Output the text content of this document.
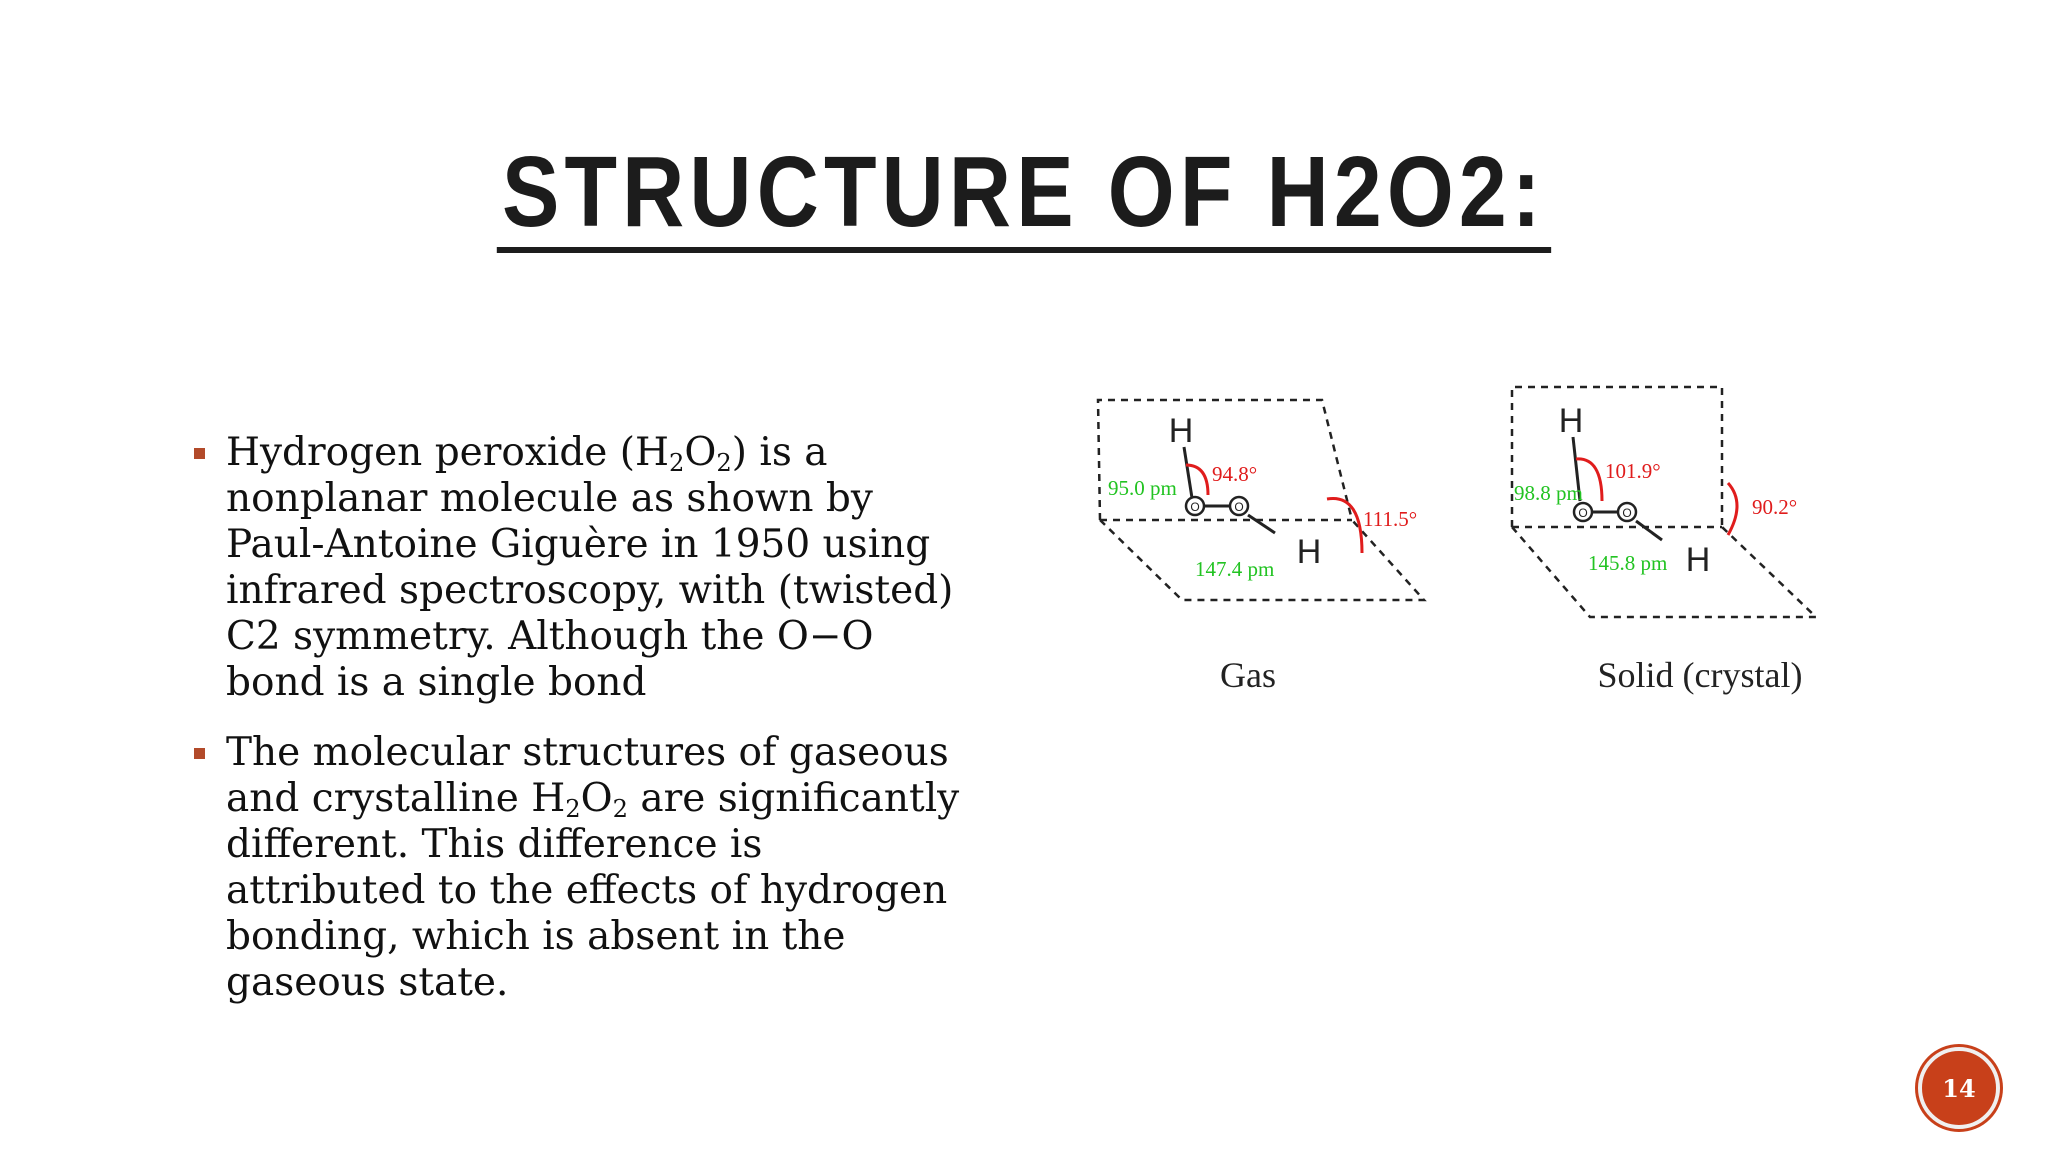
STRUCTURE OF H2O2:
Hydrogen peroxide $(H_2O_2)$ is a nonplanar molecule as shown by Paul-Antoine Giguère in 1950 using infrared spectroscopy, with (twisted) C2 symmetry. Although the O−O bond is a single bond
The molecular structures of gaseous and crystalline $H_2O_2$ are significantly different. This difference is attributed to the effects of hydrogen bonding, which is absent in the gaseous state.
H
O	O
H
95.0 pm
94.8°
147.4 pm
111.5°
Gas
H
O	O
H
98.8 pm
101.9°
145.8 pm
90.2°
Solid (crystal)
14
